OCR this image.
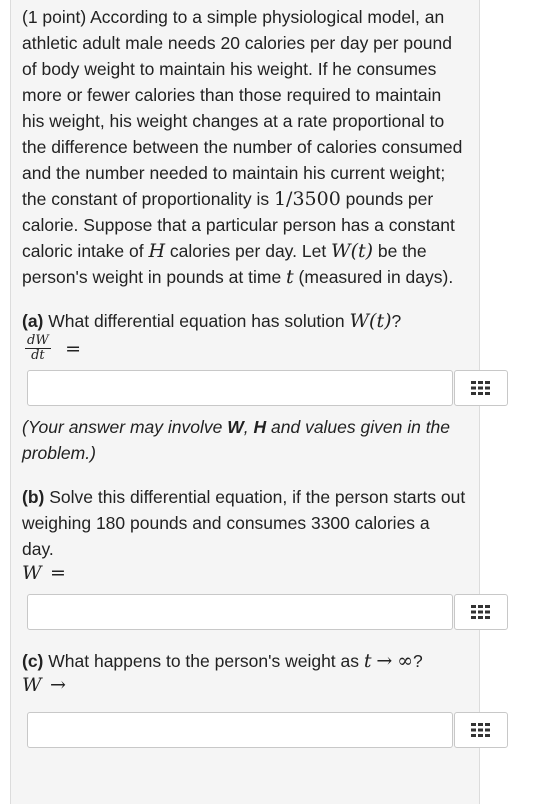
(1 point) According to a simple physiological model, an athletic adult male needs 20 calories per day per pound of body weight to maintain his weight. If he consumes more or fewer calories than those required to maintain his weight, his weight changes at a rate proportional to the difference between the number of calories consumed and the number needed to maintain his current weight; the constant of proportionality is 1/3500 pounds per calorie. Suppose that a particular person has a constant caloric intake of H calories per day. Let W(t) be the person's weight in pounds at time t (measured in days).

(a) What differential equation has solution W(t)?

$\frac{dW}{dt}$ =

(Your answer may involve W, H and values given in the problem.)

(b) Solve this differential equation, if the person starts out weighing 180 pounds and consumes 3300 calories a day.

W =

(c) What happens to the person's weight as t → ∞?

W →
